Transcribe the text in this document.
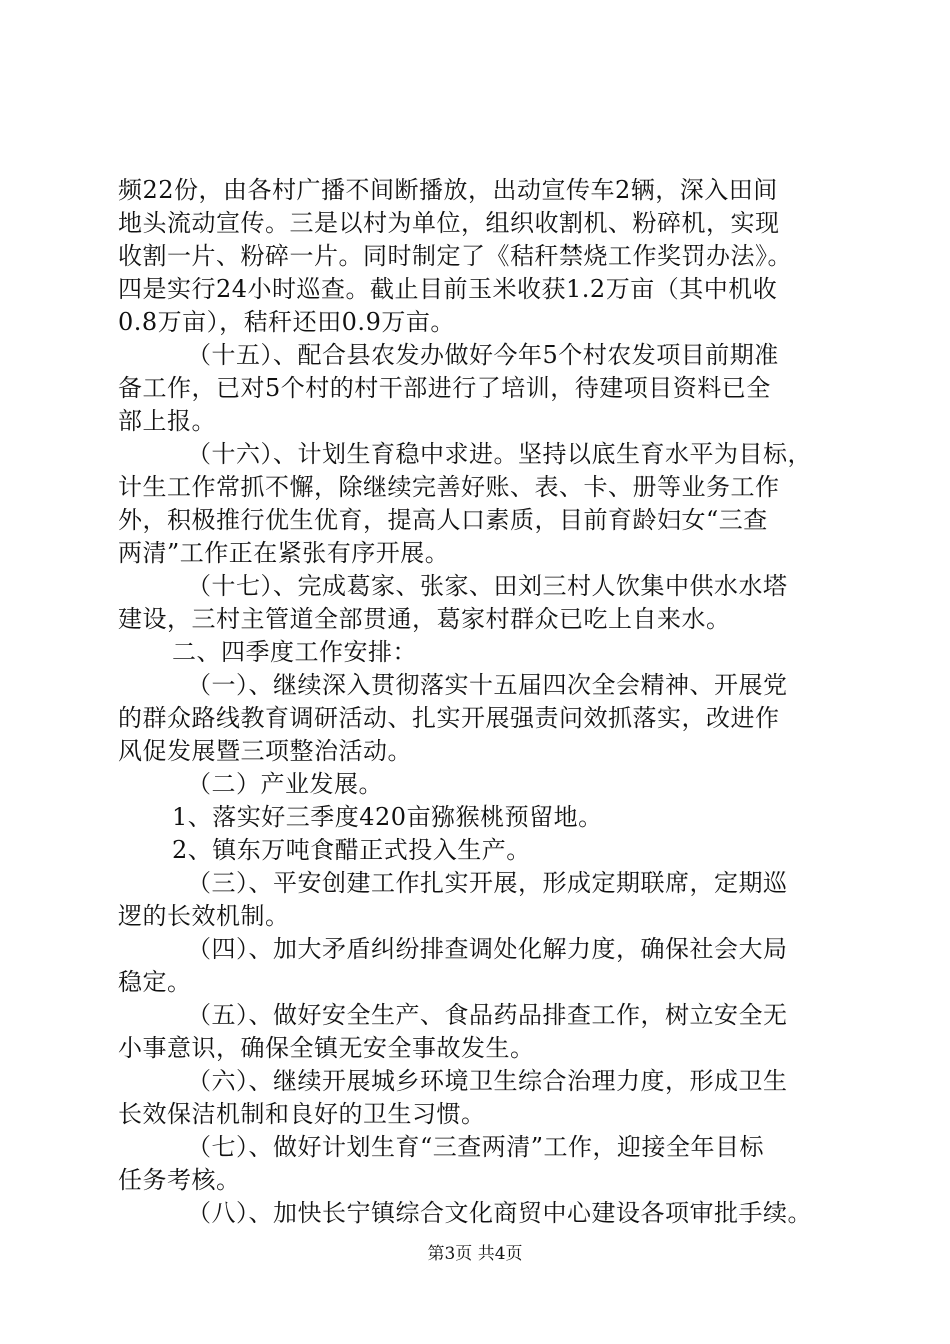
频22份，由各村广播不间断播放，出动宣传车2辆，深入田间
地头流动宣传。三是以村为单位，组织收割机、粉碎机，实现
收割一片、粉碎一片。同时制定了《秸秆禁烧工作奖罚办法》。
四是实行24小时巡查。截止目前玉米收获1.2万亩（其中机收
0.8万亩），秸秆还田0.9万亩。
（十五）、配合县农发办做好今年5个村农发项目前期准
备工作，已对5个村的村干部进行了培训，待建项目资料已全
部上报。
（十六）、计划生育稳中求进。坚持以底生育水平为目标，
计生工作常抓不懈，除继续完善好账、表、卡、册等业务工作
外，积极推行优生优育，提高人口素质，目前育龄妇女“三查
两清”工作正在紧张有序开展。
（十七）、完成葛家、张家、田刘三村人饮集中供水水塔
建设，三村主管道全部贯通，葛家村群众已吃上自来水。
二、四季度工作安排：
（一）、继续深入贯彻落实十五届四次全会精神、开展党
的群众路线教育调研活动、扎实开展强责问效抓落实，改进作
风促发展暨三项整治活动。
（二）产业发展。
1、落实好三季度420亩猕猴桃预留地。
2、镇东万吨食醋正式投入生产。
（三）、平安创建工作扎实开展，形成定期联席，定期巡
逻的长效机制。
（四）、加大矛盾纠纷排查调处化解力度，确保社会大局
稳定。
（五）、做好安全生产、食品药品排查工作，树立安全无
小事意识，确保全镇无安全事故发生。
（六）、继续开展城乡环境卫生综合治理力度，形成卫生
长效保洁机制和良好的卫生习惯。
（七）、做好计划生育“三查两清”工作，迎接全年目标
任务考核。
（八）、加快长宁镇综合文化商贸中心建设各项审批手续。
第3页 共4页
